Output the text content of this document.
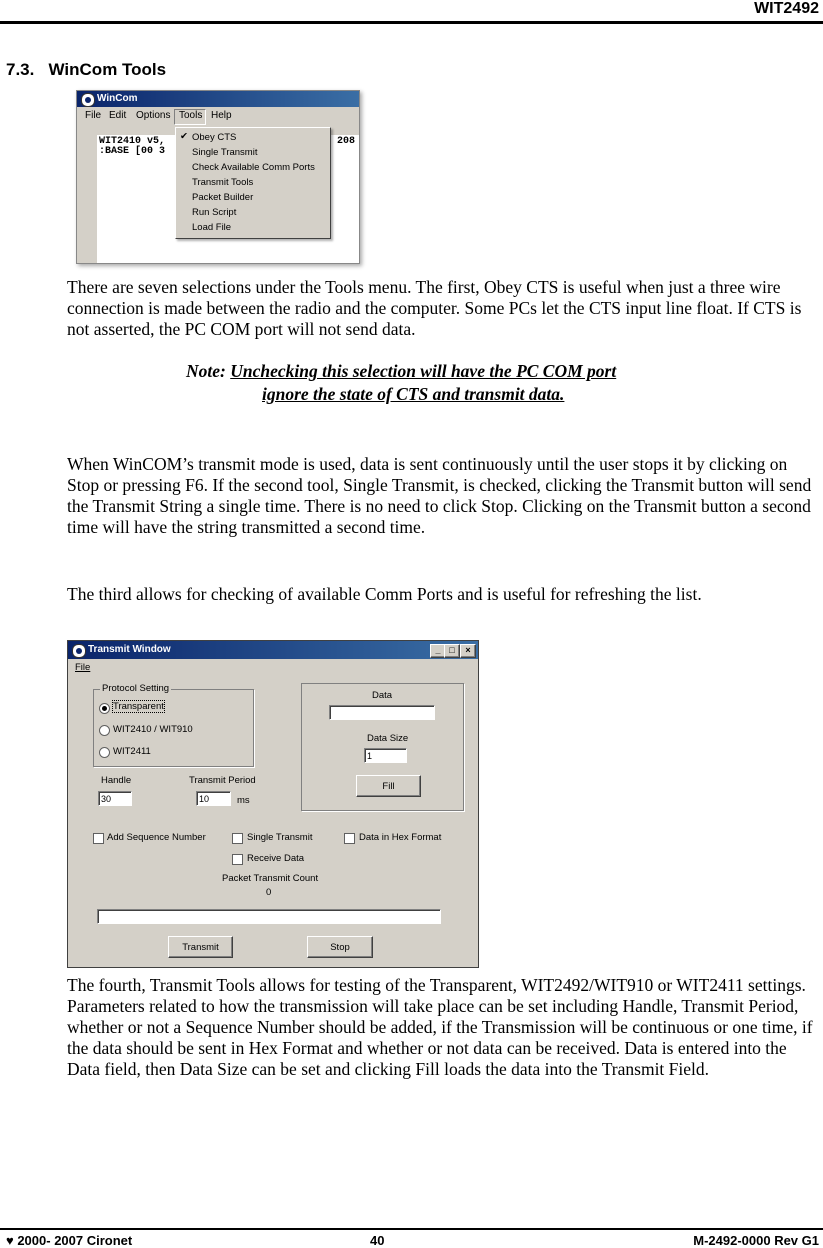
WIT2492
7.3. WinCom Tools
WinCom
File Edit Options Tools Help
WIT2410 v5,
:BASE [00 3
208
✔ Obey CTS
Single Transmit
Check Available Comm Ports
Transmit Tools
Packet Builder
Run Script
Load File
There are seven selections under the Tools menu. The first, Obey CTS is useful when just a three wire connection is made between the radio and the computer. Some PCs let the CTS input line float. If CTS is not asserted, the PC COM port will not send data.
Note: Unchecking this selection will have the PC COM port
ignore the state of CTS and transmit data.
When WinCOM’s transmit mode is used, data is sent continuously until the user stops it by clicking on Stop or pressing F6. If the second tool, Single Transmit, is checked, clicking the Transmit button will send the Transmit String a single time. There is no need to click Stop. Clicking on the Transmit button a second time will have the string transmitted a second time.
The third allows for checking of available Comm Ports and is useful for refreshing the list.
Transmit Window	_ □	×
File
Protocol Setting
Transparent
WIT2410 / WIT910
WIT2411
Handle
30
Transmit Period
10	ms
Data
Data Size
1
Fill
Add Sequence Number	Single Transmit	Data in Hex Format
Receive Data
Packet Transmit Count
0
Transmit	Stop
The fourth, Transmit Tools allows for testing of the Transparent, WIT2492/WIT910 or WIT2411 settings. Parameters related to how the transmission will take place can be set including Handle, Transmit Period, whether or not a Sequence Number should be added, if the Transmission will be continuous or one time, if the data should be sent in Hex Format and whether or not data can be received. Data is entered into the Data field, then Data Size can be set and clicking Fill loads the data into the Transmit Field.
♥ 2000- 2007 Cironet	40	M-2492-0000 Rev G1
